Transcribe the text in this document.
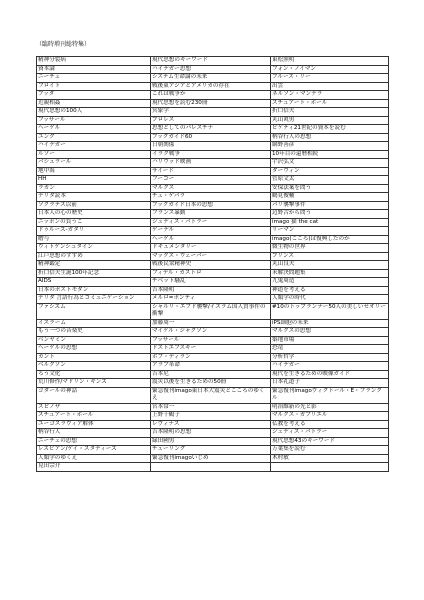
（臨時増刊総特集）
精神分裂病	現代思想のキーワード	東松照明
資本論	ハイデガー思想	フォン・ノイマン
ニーチェ	システム生命論の未来	ブルース・リー
フロイト	戦後東アジアとアメリカの存在	出雲
ブッダ	これは戦争か	ネルソン・マンデラ
近親相姦	現代思想を読む230冊	スチュアート・ホール
現代思想の100人	冥象学	折口信夫
フッサール	プロレス	丸山眞男
ヘーゲル	思想としてのパレスチナ	ピケティ21世紀の資本を読む
ユング	ブックガイド60	柄谷行人の思想
ハイデガー	日朝関係	網野善彦
ルソー	イラク戦争	10年目の還暦相続
バシュラール	ハリウッド映画	宇沢弘文
地中海	サイード	ダーウィン
HH	フーコー	菅原文太
ラカン	マルクス	安保法案を問う
デリダ読本	チェ・ゲバラ	鶴見俊輔
ソクラテス以前	ブックガイド日本の思想	パリ襲撃事件
日本人の心の歴史	フランス暴動	辺野古から問う
ニッポンの負うこ	ジュディス・バトラー	imago 猫 the cat
ドゥルーズ-ガタリ	ゲーデル	リーマン
贈与	ヘーゲル	imago(こころ)は復興したのか
ウィトゲンシュタイン	ドキュメンタリー	微生物の世界
江戸思想のすすめ	マックス・ウェーバー	プリンス
精神鑑定	戦後民衆精神史	丸山良夫
折口信夫生誕100年記念	フィデル・カストロ	未解決問題集
AIDS	チベット騒乱	九鬼周造
日本のポストモダン	吉本隆明	神道を考える
デリダ 言語行為とコミュニケーション	メルロ=ポンティ	人類学の時代
ファシズム	シャルリ・エブド襲撃/イスラム国人質事件の衝撃	#10のトップランナー50人の美しいセオリー
イスラーム	加藤周一	iPS細胞の未来
もう一つの音楽史	マイケル・ジャクソン	マルクスの思想
ベンヤミン	フッサール	築地市場
ヘーゲルの思想	ドストエフスキー	恐竜
カント	ボブ・ディラン	分析哲学
ベルクソン	アラブ革命	ハイデガー
ろう文化	吉本尼	現代を生きるための映像ガイド
荒川修作/マドリン・ギンズ	震災以後を生きるための50冊	日本礼道子
ゴダールの神話	緊急復刊imago東日本大震災とこころのゆくえ	緊急復刊imagoヴィクトール・E・フランクル
スピノザ	宮本常一	明治維新の光と影
スチュアート・ホール	上野千鶴子	マルクス・ガブリエル
ユーゴスラヴィア解体	レヴィナス	仏教を考える
柄谷行人	吉本隆明の思想	ジュディス・バトラー
ニーチェの思想	緑田國男	現代思想43のキーワード
レズビアン/ゲイ・スタディーズ	チューリング	万葉集を読む
人類学のゆくえ	緊急復刊imagoいじめ	木村敏
見田宗介		
